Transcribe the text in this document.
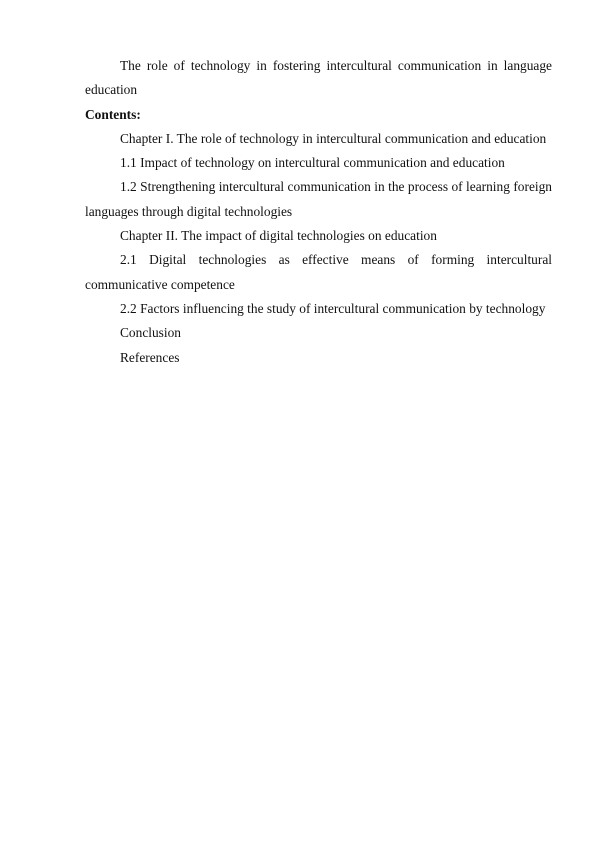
The role of technology in fostering intercultural communication in language education

Contents:

Chapter I. The role of technology in intercultural communication and education

1.1 Impact of technology on intercultural communication and education

1.2 Strengthening intercultural communication in the process of learning foreign languages through digital technologies

Chapter II. The impact of digital technologies on education

2.1 Digital technologies as effective means of forming intercultural communicative competence

2.2 Factors influencing the study of intercultural communication by technology

Conclusion

References
